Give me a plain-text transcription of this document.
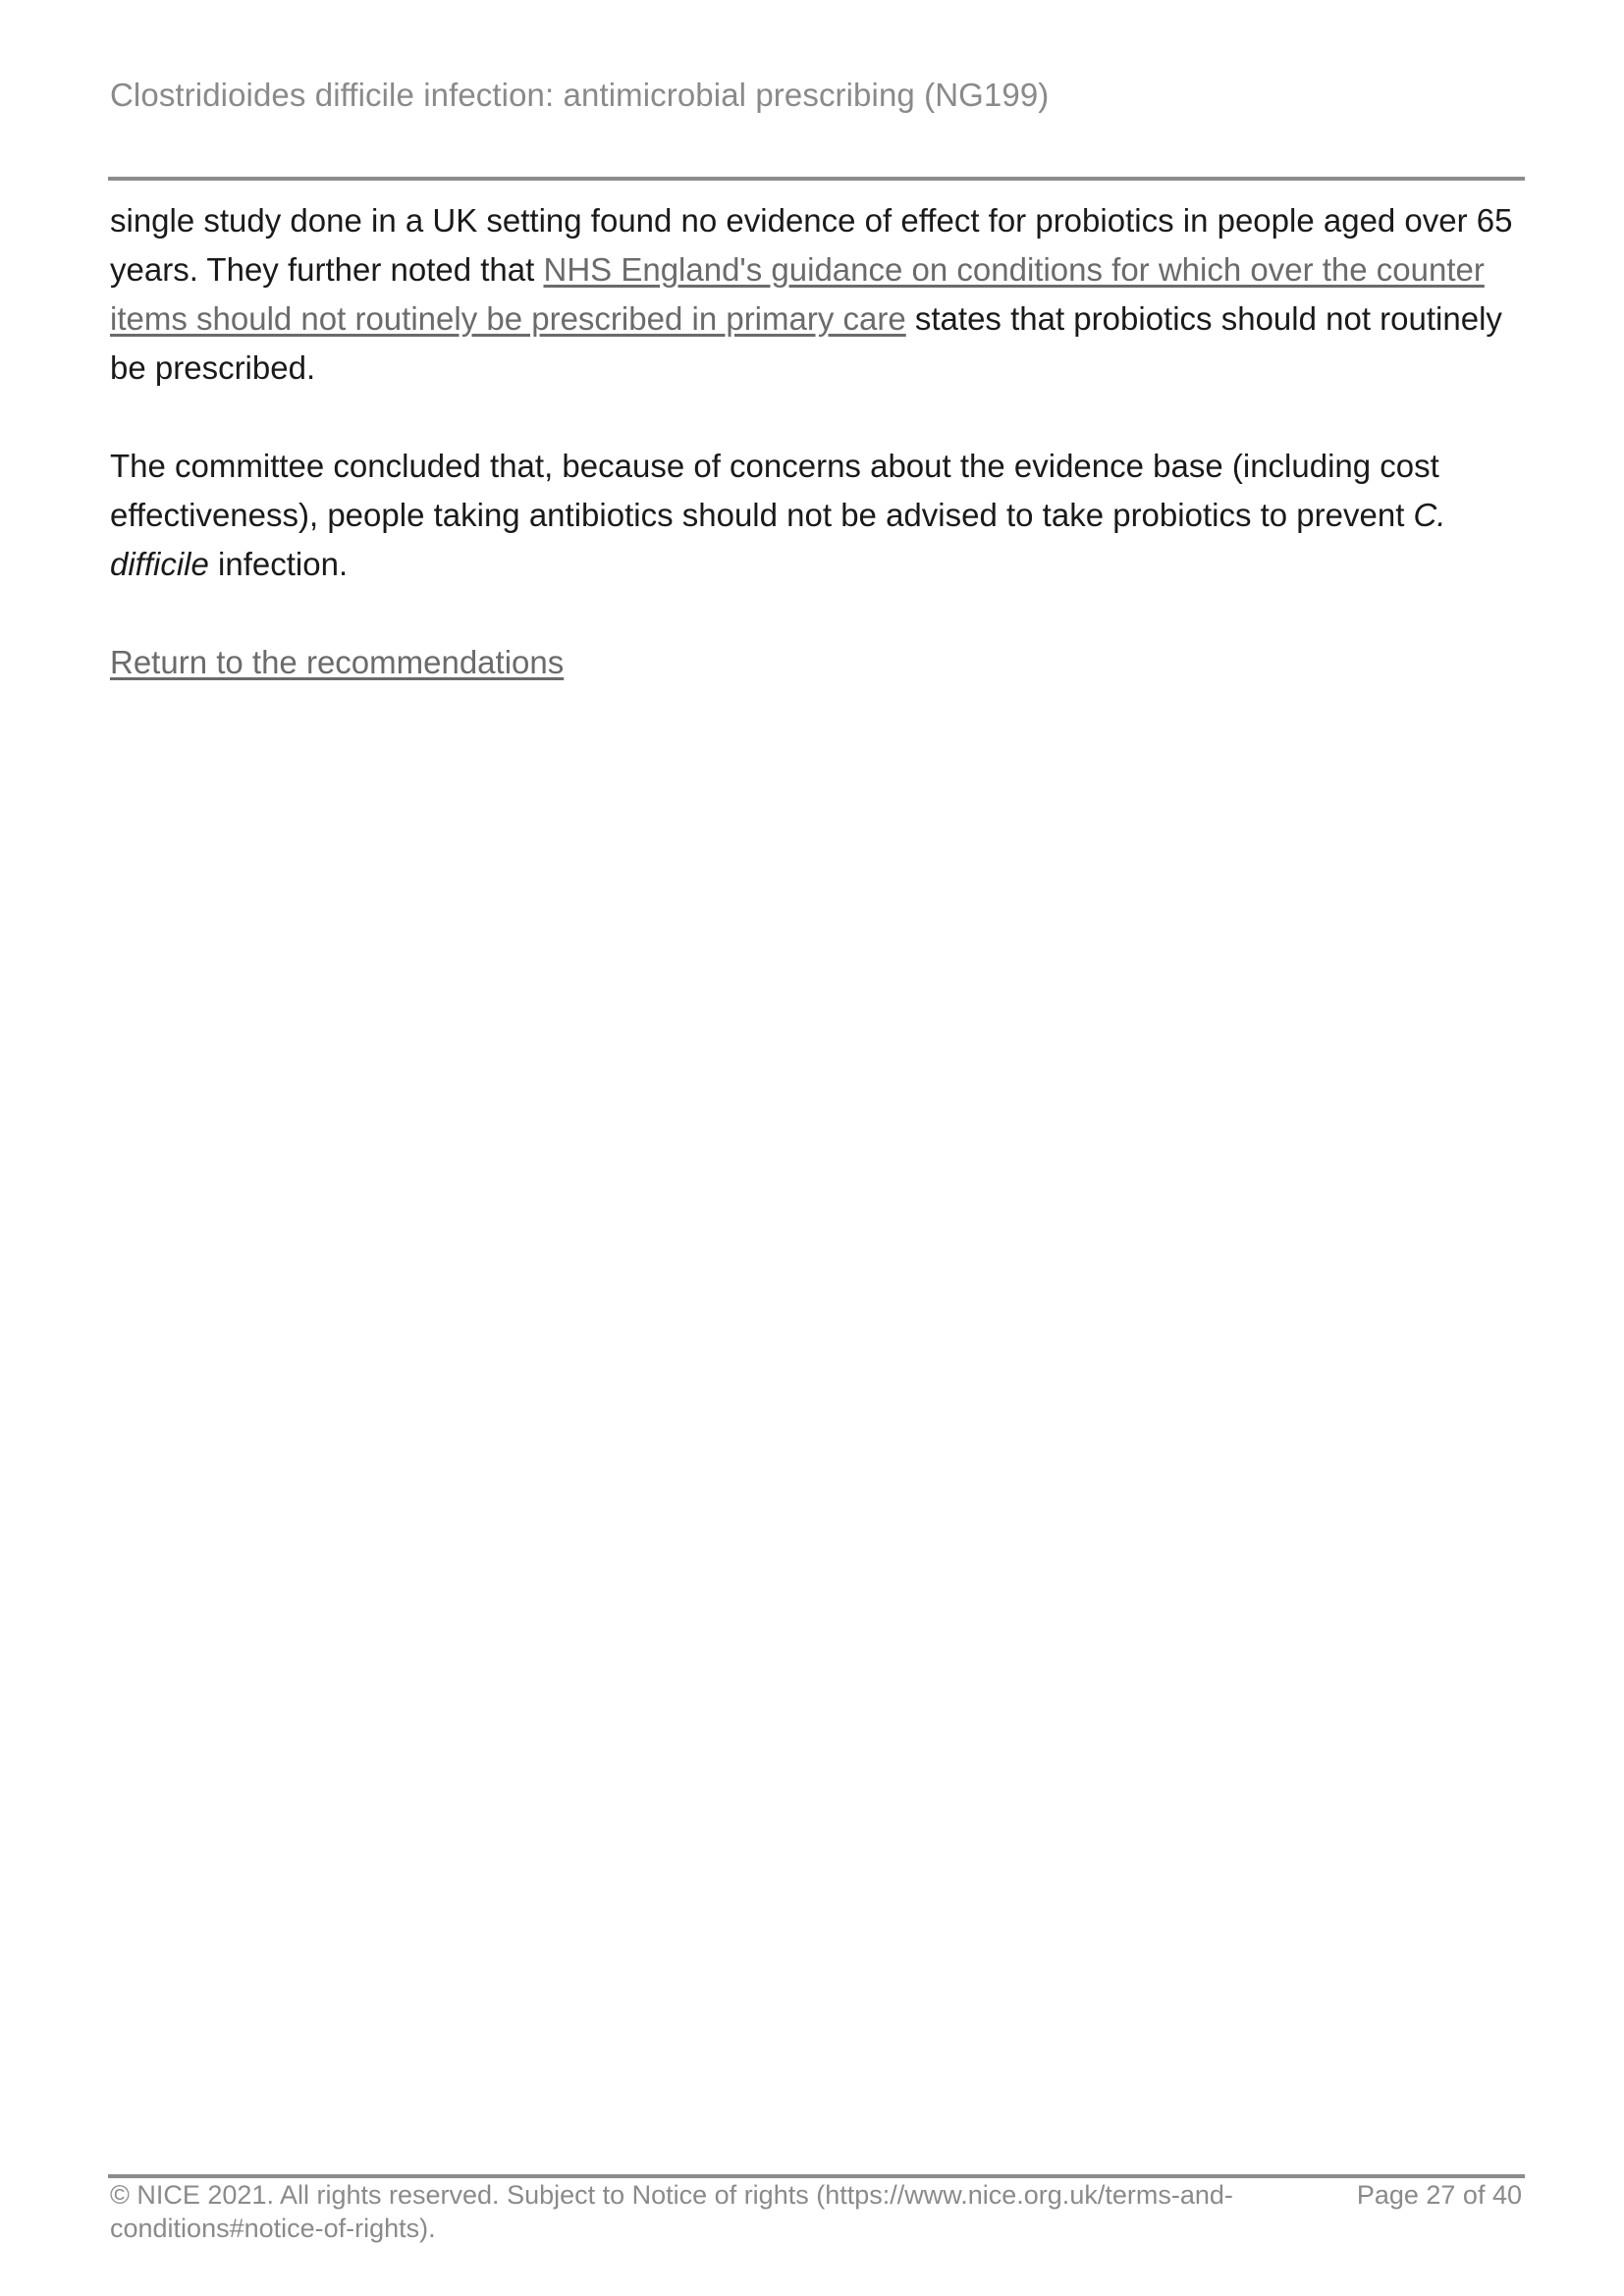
Clostridioides difficile infection: antimicrobial prescribing (NG199)

single study done in a UK setting found no evidence of effect for probiotics in people aged over 65 years. They further noted that NHS England's guidance on conditions for which over the counter items should not routinely be prescribed in primary care states that probiotics should not routinely be prescribed.

The committee concluded that, because of concerns about the evidence base (including cost effectiveness), people taking antibiotics should not be advised to take probiotics to prevent C. difficile infection.

Return to the recommendations

© NICE 2021. All rights reserved. Subject to Notice of rights (https://www.nice.org.uk/terms-and-conditions#notice-of-rights).
Page 27 of 40
